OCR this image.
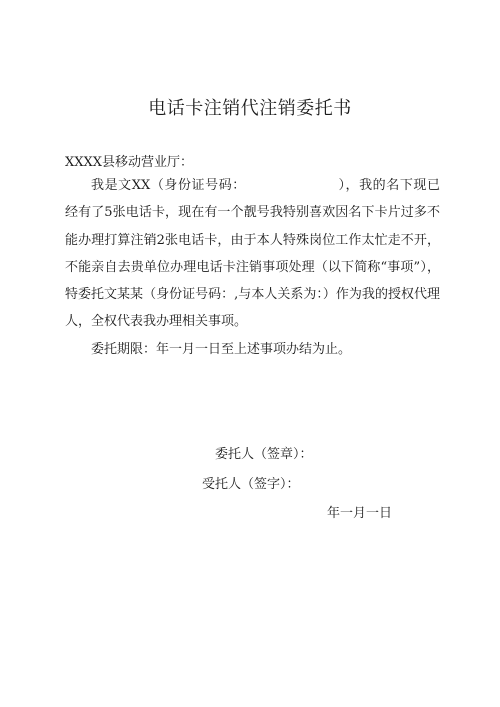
电话卡注销代注销委托书

XXXX县移动营业厅：

我是文XX（身份证号码：	），我的名下现已经有了5张电话卡，现在有一个靓号我特别喜欢因名下卡片过多不能办理打算注销2张电话卡，由于本人特殊岗位工作太忙走不开，不能亲自去贵单位办理电话卡注销事项处理（以下简称“事项”），特委托文某某（身份证号码：,与本人关系为：）作为我的授权代理人，全权代表我办理相关事项。

委托期限：年一月一日至上述事项办结为止。

委托人（签章）：

受托人（签字）：

年一月一日
